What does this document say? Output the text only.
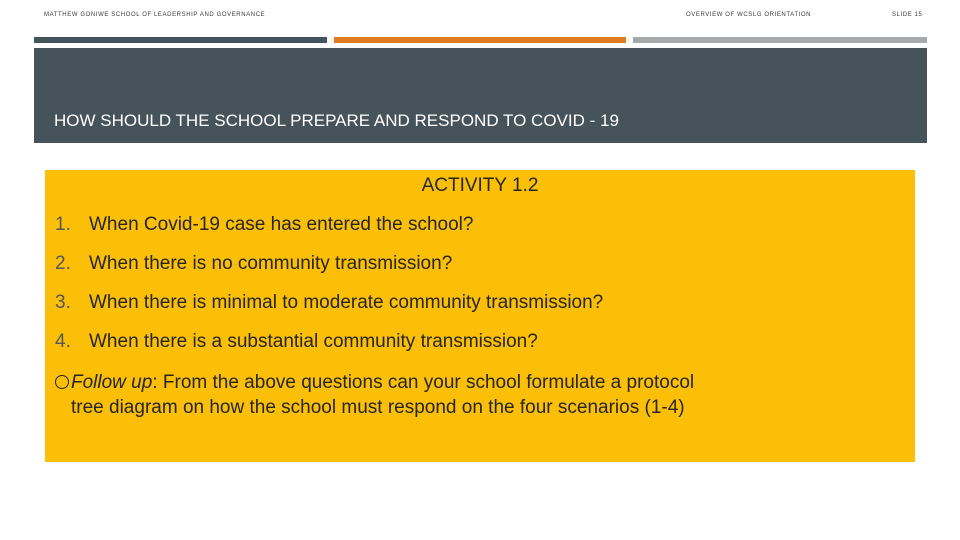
MATTHEW GONIWE SCHOOL OF LEADERSHIP AND GOVERNANCE	OVERVIEW OF WCSLG ORIENTATION	SLIDE 15
HOW SHOULD THE SCHOOL PREPARE AND RESPOND TO COVID - 19
ACTIVITY 1.2
1. When Covid-19 case has entered the school?
2. When there is no community transmission?
3. When there is minimal to moderate community transmission?
4. When there is a substantial community transmission?
Follow up: From the above questions can your school formulate a protocol
tree diagram on how the school must respond on the four scenarios (1-4)
